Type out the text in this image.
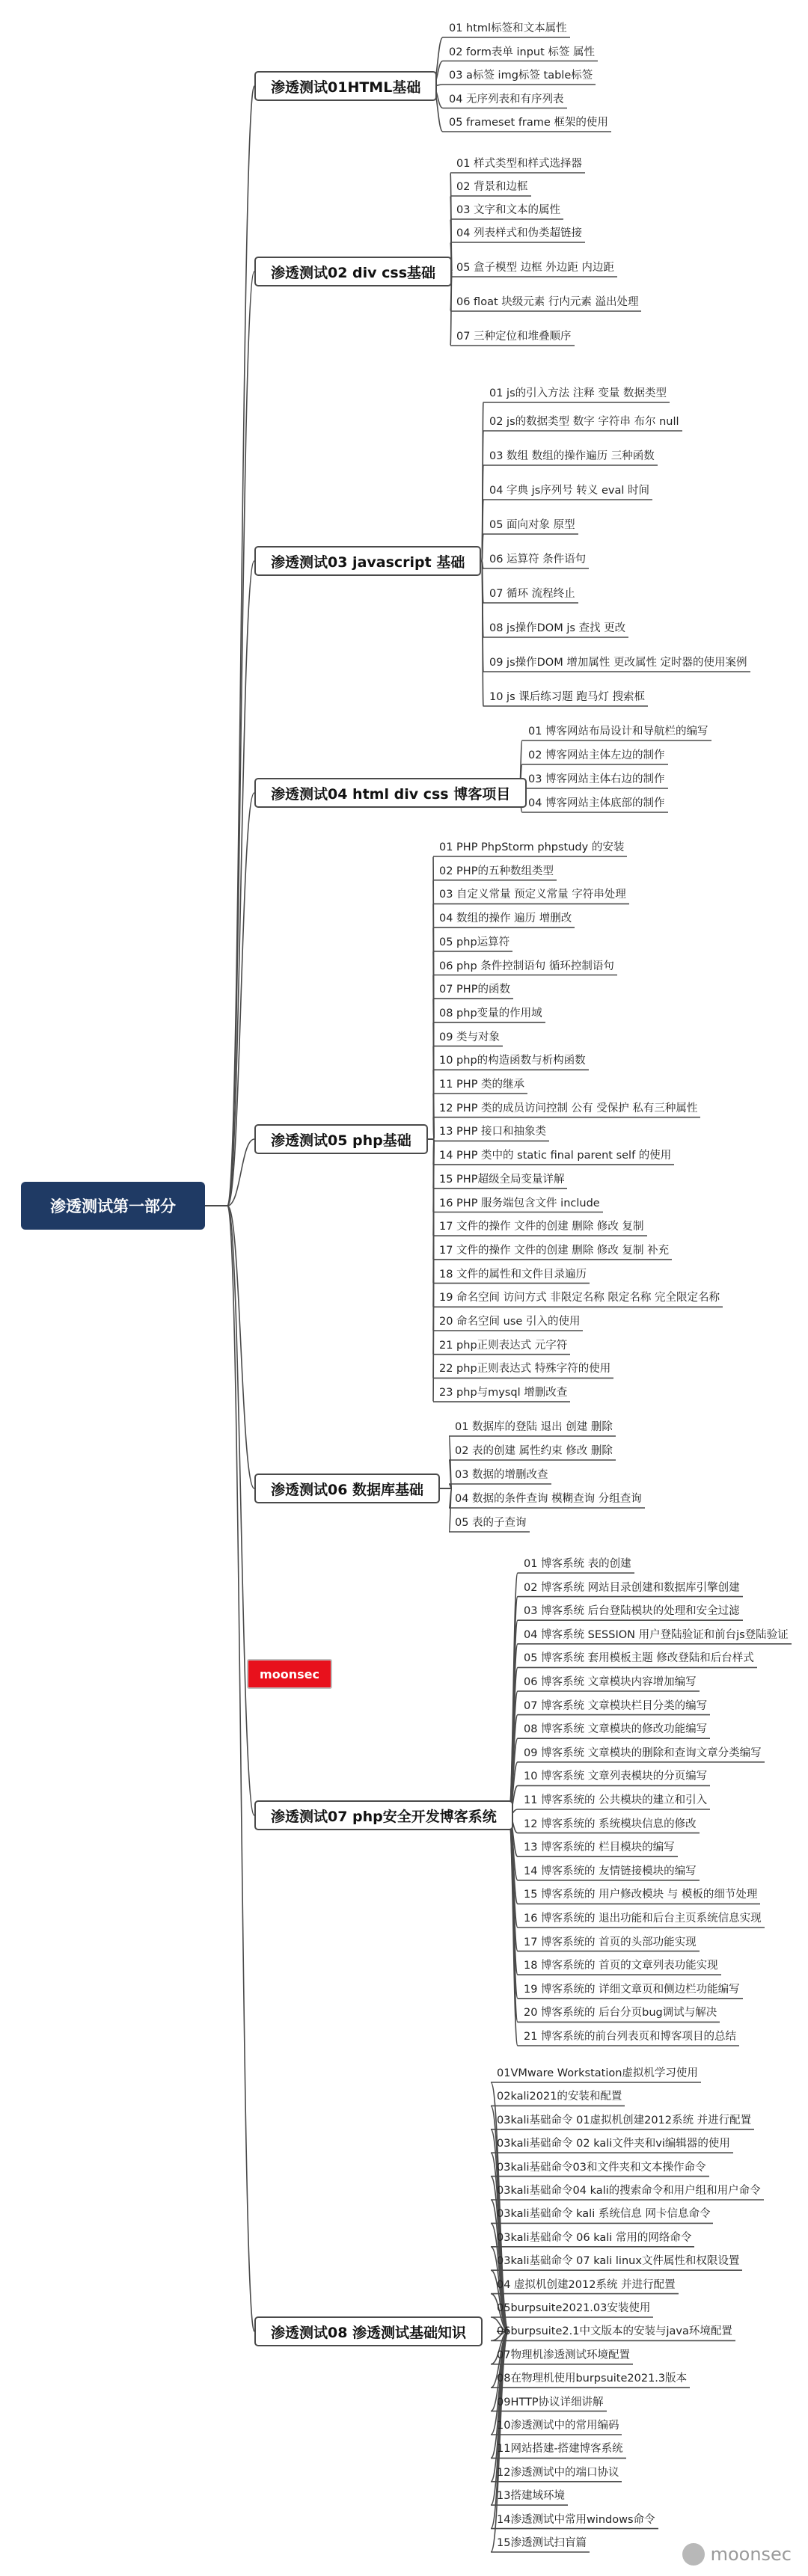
渗透测试第一部分
moonsec
moonsec
渗透测试01HTML基础
01 html标签和文本属性
02 form表单 input 标签 属性
03 a标签 img标签 table标签
04 无序列表和有序列表
05 frameset frame 框架的使用
渗透测试02 div css基础
01 样式类型和样式选择器
02 背景和边框
03 文字和文本的属性
04 列表样式和伪类超链接
05 盒子模型 边框 外边距 内边距
06 float 块级元素 行内元素 溢出处理
07 三种定位和堆叠顺序
渗透测试03 javascript 基础
01 js的引入方法 注释 变量 数据类型
02 js的数据类型 数字 字符串 布尔 null
03 数组 数组的操作遍历 三种函数
04 字典 js序列号 转义 eval 时间
05 面向对象 原型
06 运算符 条件语句
07 循环 流程终止
08 js操作DOM js 查找 更改
09 js操作DOM 增加属性 更改属性 定时器的使用案例
10 js 课后练习题 跑马灯 搜索框
渗透测试04 html div css 博客项目
01 博客网站布局设计和导航栏的编写
02 博客网站主体左边的制作
03 博客网站主体右边的制作
04 博客网站主体底部的制作
渗透测试05 php基础
01 PHP PhpStorm phpstudy 的安装
02 PHP的五种数组类型
03 自定义常量 预定义常量 字符串处理
04 数组的操作 遍历 增删改
05 php运算符
06 php 条件控制语句 循环控制语句
07 PHP的函数
08 php变量的作用域
09 类与对象
10 php的构造函数与析构函数
11 PHP 类的继承
12 PHP 类的成员访问控制 公有 受保护 私有三种属性
13 PHP 接口和抽象类
14 PHP 类中的 static final parent self 的使用
15 PHP超级全局变量详解
16 PHP 服务端包含文件 include
17 文件的操作 文件的创建 删除 修改 复制
17 文件的操作 文件的创建 删除 修改 复制 补充
18 文件的属性和文件目录遍历
19 命名空间 访问方式 非限定名称 限定名称 完全限定名称
20 命名空间 use 引入的使用
21 php正则表达式 元字符
22 php正则表达式 特殊字符的使用
23 php与mysql 增删改查
渗透测试06 数据库基础
01 数据库的登陆 退出 创建 删除
02 表的创建 属性约束 修改 删除
03 数据的增删改查
04 数据的条件查询 模糊查询 分组查询
05 表的子查询
渗透测试07 php安全开发博客系统
01 博客系统 表的创建
02 博客系统 网站目录创建和数据库引擎创建
03 博客系统 后台登陆模块的处理和安全过滤
04 博客系统 SESSION 用户登陆验证和前台js登陆验证
05 博客系统 套用模板主题 修改登陆和后台样式
06 博客系统 文章模块内容增加编写
07 博客系统 文章模块栏目分类的编写
08 博客系统 文章模块的修改功能编写
09 博客系统 文章模块的删除和查询文章分类编写
10 博客系统 文章列表模块的分页编写
11 博客系统的 公共模块的建立和引入
12 博客系统的 系统模块信息的修改
13 博客系统的 栏目模块的编写
14 博客系统的 友情链接模块的编写
15 博客系统的 用户修改模块 与 模板的细节处理
16 博客系统的 退出功能和后台主页系统信息实现
17 博客系统的 首页的头部功能实现
18 博客系统的 首页的文章列表功能实现
19 博客系统的 详细文章页和侧边栏功能编写
20 博客系统的 后台分页bug调试与解决
21 博客系统的前台列表页和博客项目的总结
渗透测试08 渗透测试基础知识
01VMware Workstation虚拟机学习使用
02kali2021的安装和配置
03kali基础命令 01虚拟机创建2012系统 并进行配置
03kali基础命令 02 kali文件夹和vi编辑器的使用
03kali基础命令03和文件夹和文本操作命令
03kali基础命令04 kali的搜索命令和用户组和用户命令
03kali基础命令 kali 系统信息 网卡信息命令
03kali基础命令 06 kali 常用的网络命令
03kali基础命令 07 kali linux文件属性和权限设置
04 虚拟机创建2012系统 并进行配置
05burpsuite2021.03安装使用
06burpsuite2.1中文版本的安装与java环境配置
07物理机渗透测试环境配置
08在物理机使用burpsuite2021.3版本
09HTTP协议详细讲解
10渗透测试中的常用编码
11网站搭建-搭建博客系统
12渗透测试中的端口协议
13搭建域环境
14渗透测试中常用windows命令
15渗透测试扫盲篇
